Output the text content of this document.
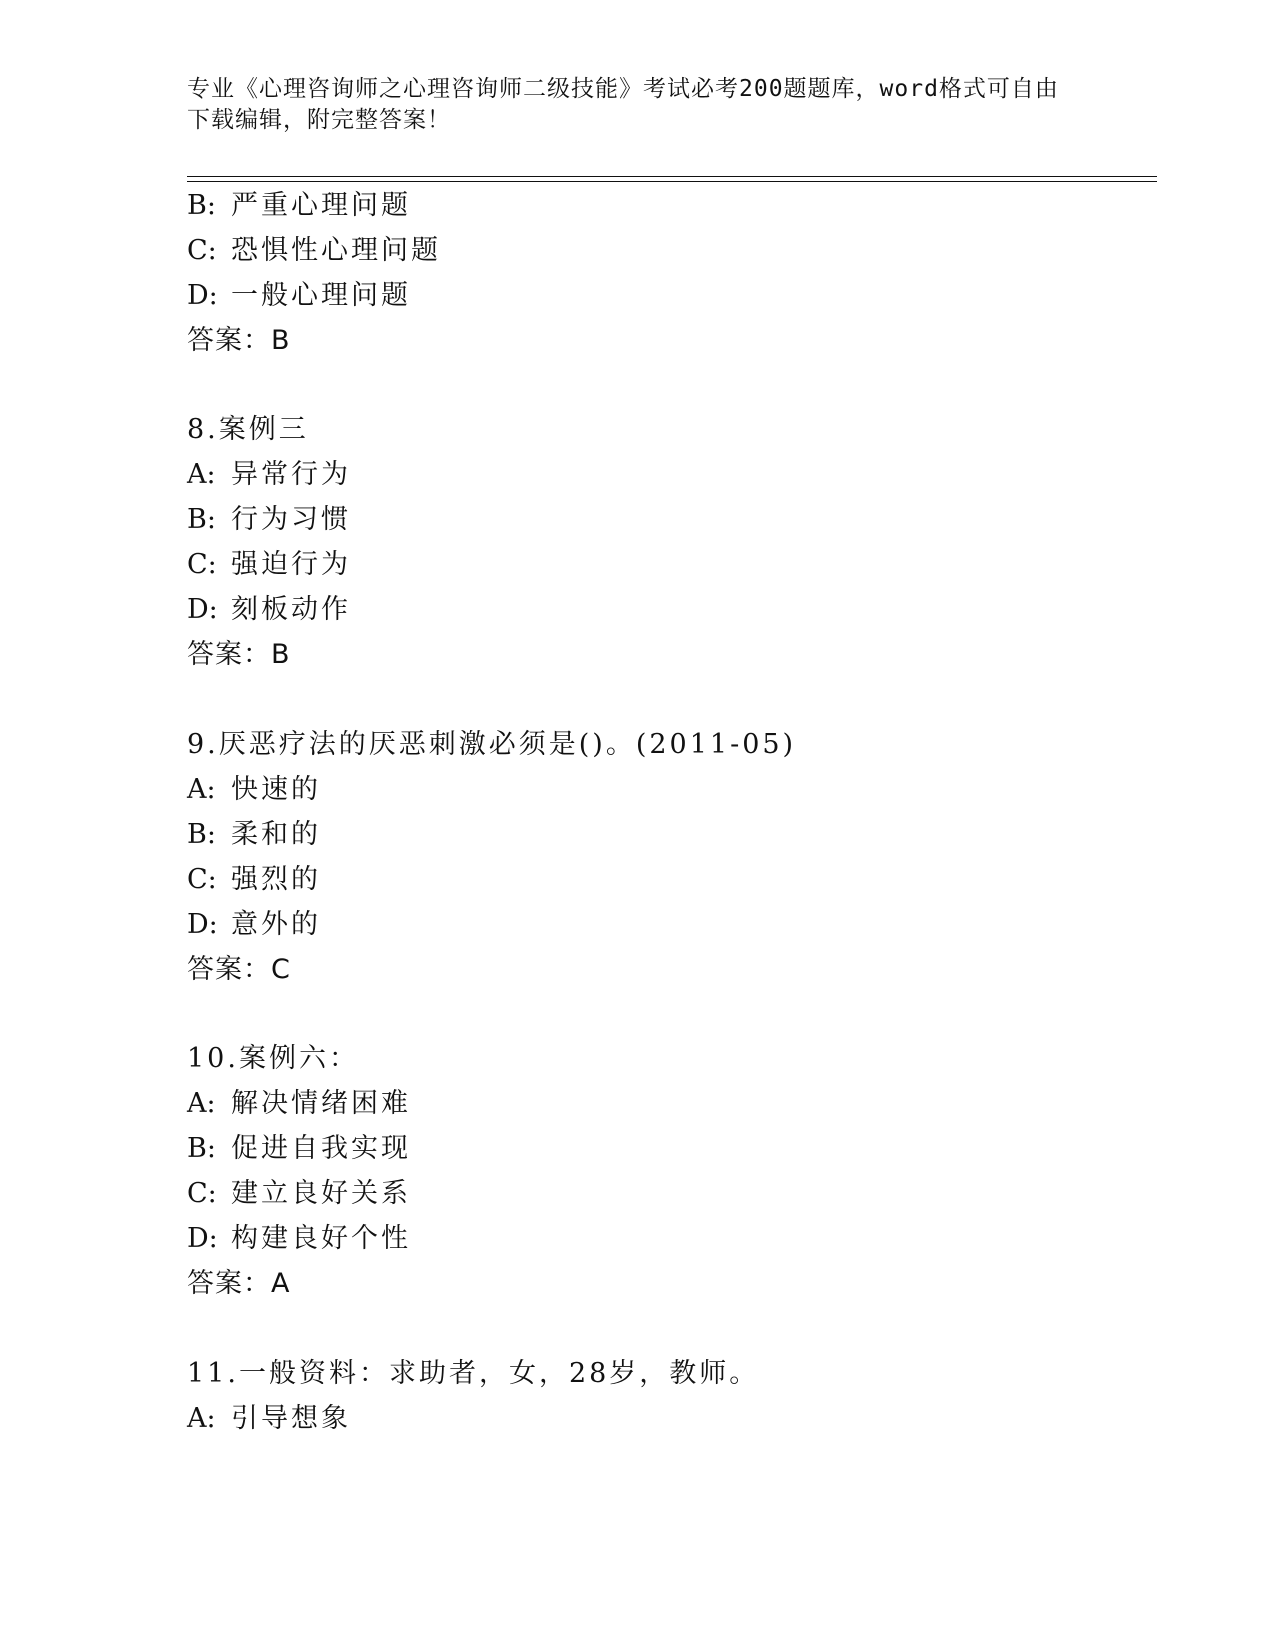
专业《心理咨询师之心理咨询师二级技能》考试必考200题题库，word格式可自由下载编辑，附完整答案！
B: 严重心理问题
C: 恐惧性心理问题
D: 一般心理问题
答案：B
8.案例三
A: 异常行为
B: 行为习惯
C: 强迫行为
D: 刻板动作
答案：B
9.厌恶疗法的厌恶刺激必须是()。(2011-05)
A: 快速的
B: 柔和的
C: 强烈的
D: 意外的
答案：C
10.案例六：
A: 解决情绪困难
B: 促进自我实现
C: 建立良好关系
D: 构建良好个性
答案：A
11.一般资料：求助者，女，28岁，教师。
A: 引导想象
